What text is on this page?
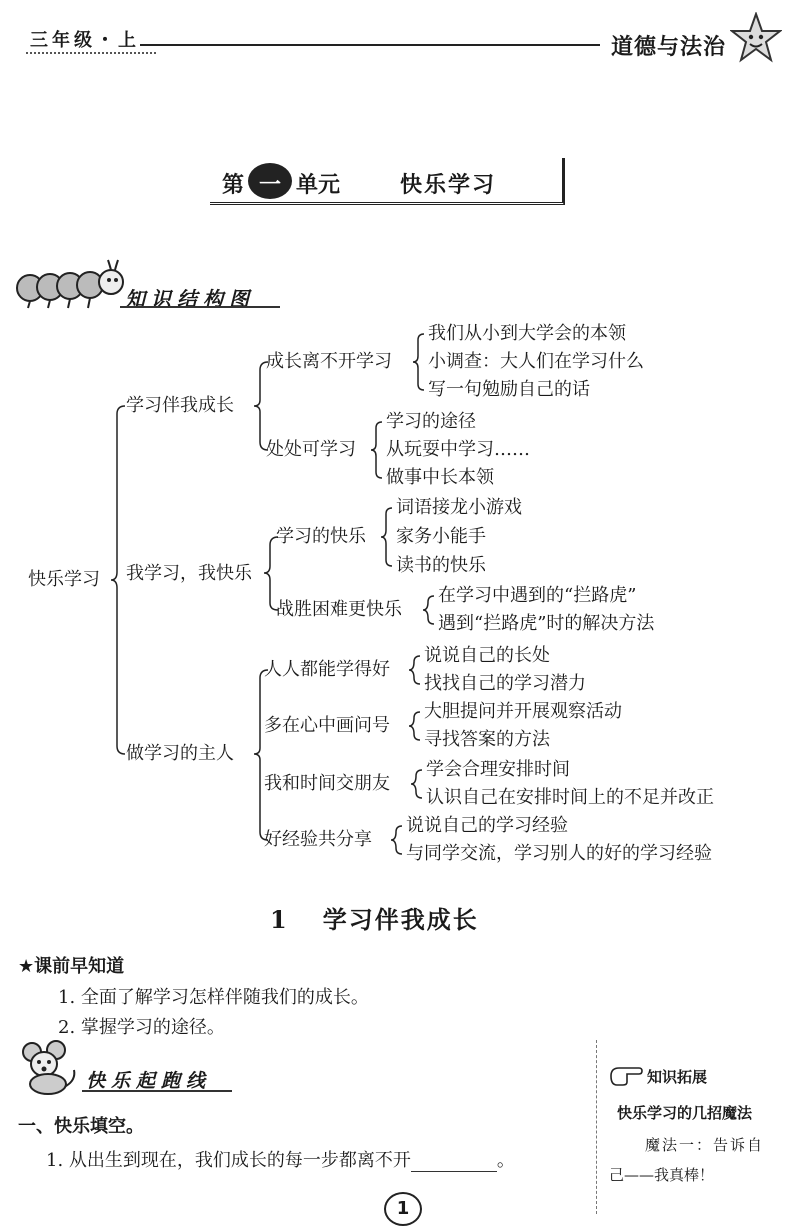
三年级・上	道德与法治
第 一 单元	快乐学习
知识结构图
快乐学习
学习伴我成长
我学习，我快乐
做学习的主人
成长离不开学习
处处可学习
学习的快乐
战胜困难更快乐
人人都能学得好
多在心中画问号
我和时间交朋友
好经验共分享
我们从小到大学会的本领
小调查：大人们在学习什么
写一句勉励自己的话
学习的途径
从玩耍中学习……
做事中长本领
词语接龙小游戏
家务小能手
读书的快乐
在学习中遇到的“拦路虎”
遇到“拦路虎”时的解决方法
说说自己的长处
找找自己的学习潜力
大胆提问并开展观察活动
寻找答案的方法
学会合理安排时间
认识自己在安排时间上的不足并改正
说说自己的学习经验
与同学交流，学习别人的好的学习经验
1 学习伴我成长
★课前早知道
1. 全面了解学习怎样伴随我们的成长。
2. 掌握学习的途径。
快乐起跑线
一、快乐填空。
1. 从出生到现在，我们成长的每一步都离不开	。
知识拓展
快乐学习的几招魔法
魔法一：告诉自
己——我真棒！
1
